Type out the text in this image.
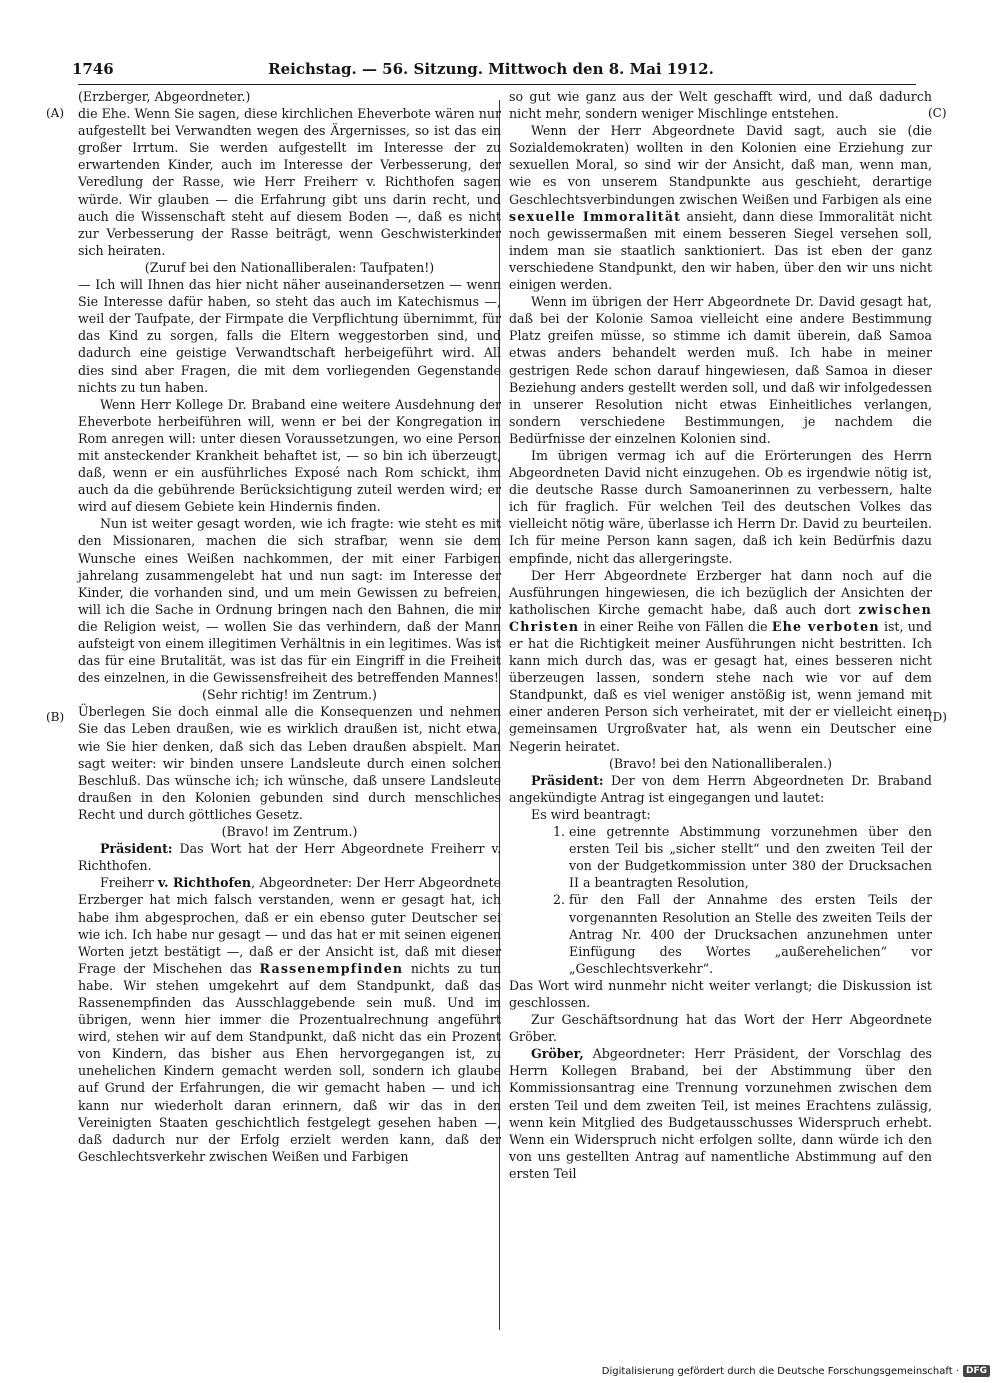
1746	Reichstag. — 56. Sitzung. Mittwoch den 8. Mai 1912.
(A)
(B)
(C)
(D)

(Erzberger, Abgeordneter.)

die Ehe. Wenn Sie sagen, diese kirchlichen Eheverbote wären nur aufgestellt bei Verwandten wegen des Ärgernisses, so ist das ein großer Irrtum. Sie werden aufgestellt im Interesse der zu erwartenden Kinder, auch im Interesse der Verbesserung, der Veredlung der Rasse, wie Herr Freiherr v. Richthofen sagen würde. Wir glauben — die Erfahrung gibt uns darin recht, und auch die Wissenschaft steht auf diesem Boden —, daß es nicht zur Verbesserung der Rasse beiträgt, wenn Geschwisterkinder sich heiraten.

(Zuruf bei den Nationalliberalen: Taufpaten!)

— Ich will Ihnen das hier nicht näher auseinandersetzen — wenn Sie Interesse dafür haben, so steht das auch im Katechismus —, weil der Taufpate, der Firmpate die Verpflichtung übernimmt, für das Kind zu sorgen, falls die Eltern weggestorben sind, und dadurch eine geistige Verwandtschaft herbeigeführt wird. All dies sind aber Fragen, die mit dem vorliegenden Gegenstande nichts zu tun haben.

Wenn Herr Kollege Dr. Braband eine weitere Ausdehnung der Eheverbote herbeiführen will, wenn er bei der Kongregation in Rom anregen will: unter diesen Voraussetzungen, wo eine Person mit ansteckender Krankheit behaftet ist, — so bin ich überzeugt, daß, wenn er ein ausführliches Exposé nach Rom schickt, ihm auch da die gebührende Berücksichtigung zuteil werden wird; er wird auf diesem Gebiete kein Hindernis finden.

Nun ist weiter gesagt worden, wie ich fragte: wie steht es mit den Missionaren, machen die sich strafbar, wenn sie dem Wunsche eines Weißen nachkommen, der mit einer Farbigen jahrelang zusammengelebt hat und nun sagt: im Interesse der Kinder, die vorhanden sind, und um mein Gewissen zu befreien, will ich die Sache in Ordnung bringen nach den Bahnen, die mir die Religion weist, — wollen Sie das verhindern, daß der Mann aufsteigt von einem illegitimen Verhältnis in ein legitimes. Was ist das für eine Brutalität, was ist das für ein Eingriff in die Freiheit des einzelnen, in die Gewissensfreiheit des betreffenden Mannes!

(Sehr richtig! im Zentrum.)

Überlegen Sie doch einmal alle die Konsequenzen und nehmen Sie das Leben draußen, wie es wirklich draußen ist, nicht etwa, wie Sie hier denken, daß sich das Leben draußen abspielt. Man sagt weiter: wir binden unsere Landsleute durch einen solchen Beschluß. Das wünsche ich; ich wünsche, daß unsere Landsleute draußen in den Kolonien gebunden sind durch menschliches Recht und durch göttliches Gesetz.

(Bravo! im Zentrum.)

Präsident: Das Wort hat der Herr Abgeordnete Freiherr v. Richthofen.

Freiherr v. Richthofen, Abgeordneter: Der Herr Abgeordnete Erzberger hat mich falsch verstanden, wenn er gesagt hat, ich habe ihm abgesprochen, daß er ein ebenso guter Deutscher sei wie ich. Ich habe nur gesagt — und das hat er mit seinen eigenen Worten jetzt bestätigt —, daß er der Ansicht ist, daß mit dieser Frage der Mischehen das Rassenempfinden nichts zu tun habe. Wir stehen umgekehrt auf dem Standpunkt, daß das Rassenempfinden das Ausschlaggebende sein muß. Und im übrigen, wenn hier immer die Prozentualrechnung angeführt wird, stehen wir auf dem Standpunkt, daß nicht das ein Prozent von Kindern, das bisher aus Ehen hervorgegangen ist, zu unehelichen Kindern gemacht werden soll, sondern ich glaube auf Grund der Erfahrungen, die wir gemacht haben — und ich kann nur wiederholt daran erinnern, daß wir das in den Vereinigten Staaten geschichtlich festgelegt gesehen haben —, daß dadurch nur der Erfolg erzielt werden kann, daß der Geschlechtsverkehr zwischen Weißen und Farbigen

so gut wie ganz aus der Welt geschafft wird, und daß dadurch nicht mehr, sondern weniger Mischlinge entstehen.

Wenn der Herr Abgeordnete David sagt, auch sie (die Sozialdemokraten) wollten in den Kolonien eine Erziehung zur sexuellen Moral, so sind wir der Ansicht, daß man, wenn man, wie es von unserem Standpunkte aus geschieht, derartige Geschlechtsverbindungen zwischen Weißen und Farbigen als eine sexuelle Immoralität ansieht, dann diese Immoralität nicht noch gewissermaßen mit einem besseren Siegel versehen soll, indem man sie staatlich sanktioniert. Das ist eben der ganz verschiedene Standpunkt, den wir haben, über den wir uns nicht einigen werden.

Wenn im übrigen der Herr Abgeordnete Dr. David gesagt hat, daß bei der Kolonie Samoa vielleicht eine andere Bestimmung Platz greifen müsse, so stimme ich damit überein, daß Samoa etwas anders behandelt werden muß. Ich habe in meiner gestrigen Rede schon darauf hingewiesen, daß Samoa in dieser Beziehung anders gestellt werden soll, und daß wir infolgedessen in unserer Resolution nicht etwas Einheitliches verlangen, sondern verschiedene Bestimmungen, je nachdem die Bedürfnisse der einzelnen Kolonien sind.

Im übrigen vermag ich auf die Erörterungen des Herrn Abgeordneten David nicht einzugehen. Ob es irgendwie nötig ist, die deutsche Rasse durch Samoanerinnen zu verbessern, halte ich für fraglich. Für welchen Teil des deutschen Volkes das vielleicht nötig wäre, überlasse ich Herrn Dr. David zu beurteilen. Ich für meine Person kann sagen, daß ich kein Bedürfnis dazu empfinde, nicht das allergeringste.

Der Herr Abgeordnete Erzberger hat dann noch auf die Ausführungen hingewiesen, die ich bezüglich der Ansichten der katholischen Kirche gemacht habe, daß auch dort zwischen Christen in einer Reihe von Fällen die Ehe verboten ist, und er hat die Richtigkeit meiner Ausführungen nicht bestritten. Ich kann mich durch das, was er gesagt hat, eines besseren nicht überzeugen lassen, sondern stehe nach wie vor auf dem Standpunkt, daß es viel weniger anstößig ist, wenn jemand mit einer anderen Person sich verheiratet, mit der er vielleicht einen gemeinsamen Urgroßvater hat, als wenn ein Deutscher eine Negerin heiratet.

(Bravo! bei den Nationalliberalen.)

Präsident: Der von dem Herrn Abgeordneten Dr. Braband angekündigte Antrag ist eingegangen und lautet:

Es wird beantragt:

1. eine getrennte Abstimmung vorzunehmen über den ersten Teil bis „sicher stellt“ und den zweiten Teil der von der Budgetkommission unter 380 der Drucksachen II a beantragten Resolution,
2. für den Fall der Annahme des ersten Teils der vorgenannten Resolution an Stelle des zweiten Teils der Antrag Nr. 400 der Drucksachen anzunehmen unter Einfügung des Wortes „außerehelichen“ vor „Geschlechtsverkehr“.

Das Wort wird nunmehr nicht weiter verlangt; die Diskussion ist geschlossen.

Zur Geschäftsordnung hat das Wort der Herr Abgeordnete Gröber.

Gröber, Abgeordneter: Herr Präsident, der Vorschlag des Herrn Kollegen Braband, bei der Abstimmung über den Kommissionsantrag eine Trennung vorzunehmen zwischen dem ersten Teil und dem zweiten Teil, ist meines Erachtens zulässig, wenn kein Mitglied des Budgetausschusses Widerspruch erhebt. Wenn ein Widerspruch nicht erfolgen sollte, dann würde ich den von uns gestellten Antrag auf namentliche Abstimmung auf den ersten Teil

Digitalisierung gefördert durch die Deutsche Forschungsgemeinschaft · DFG
